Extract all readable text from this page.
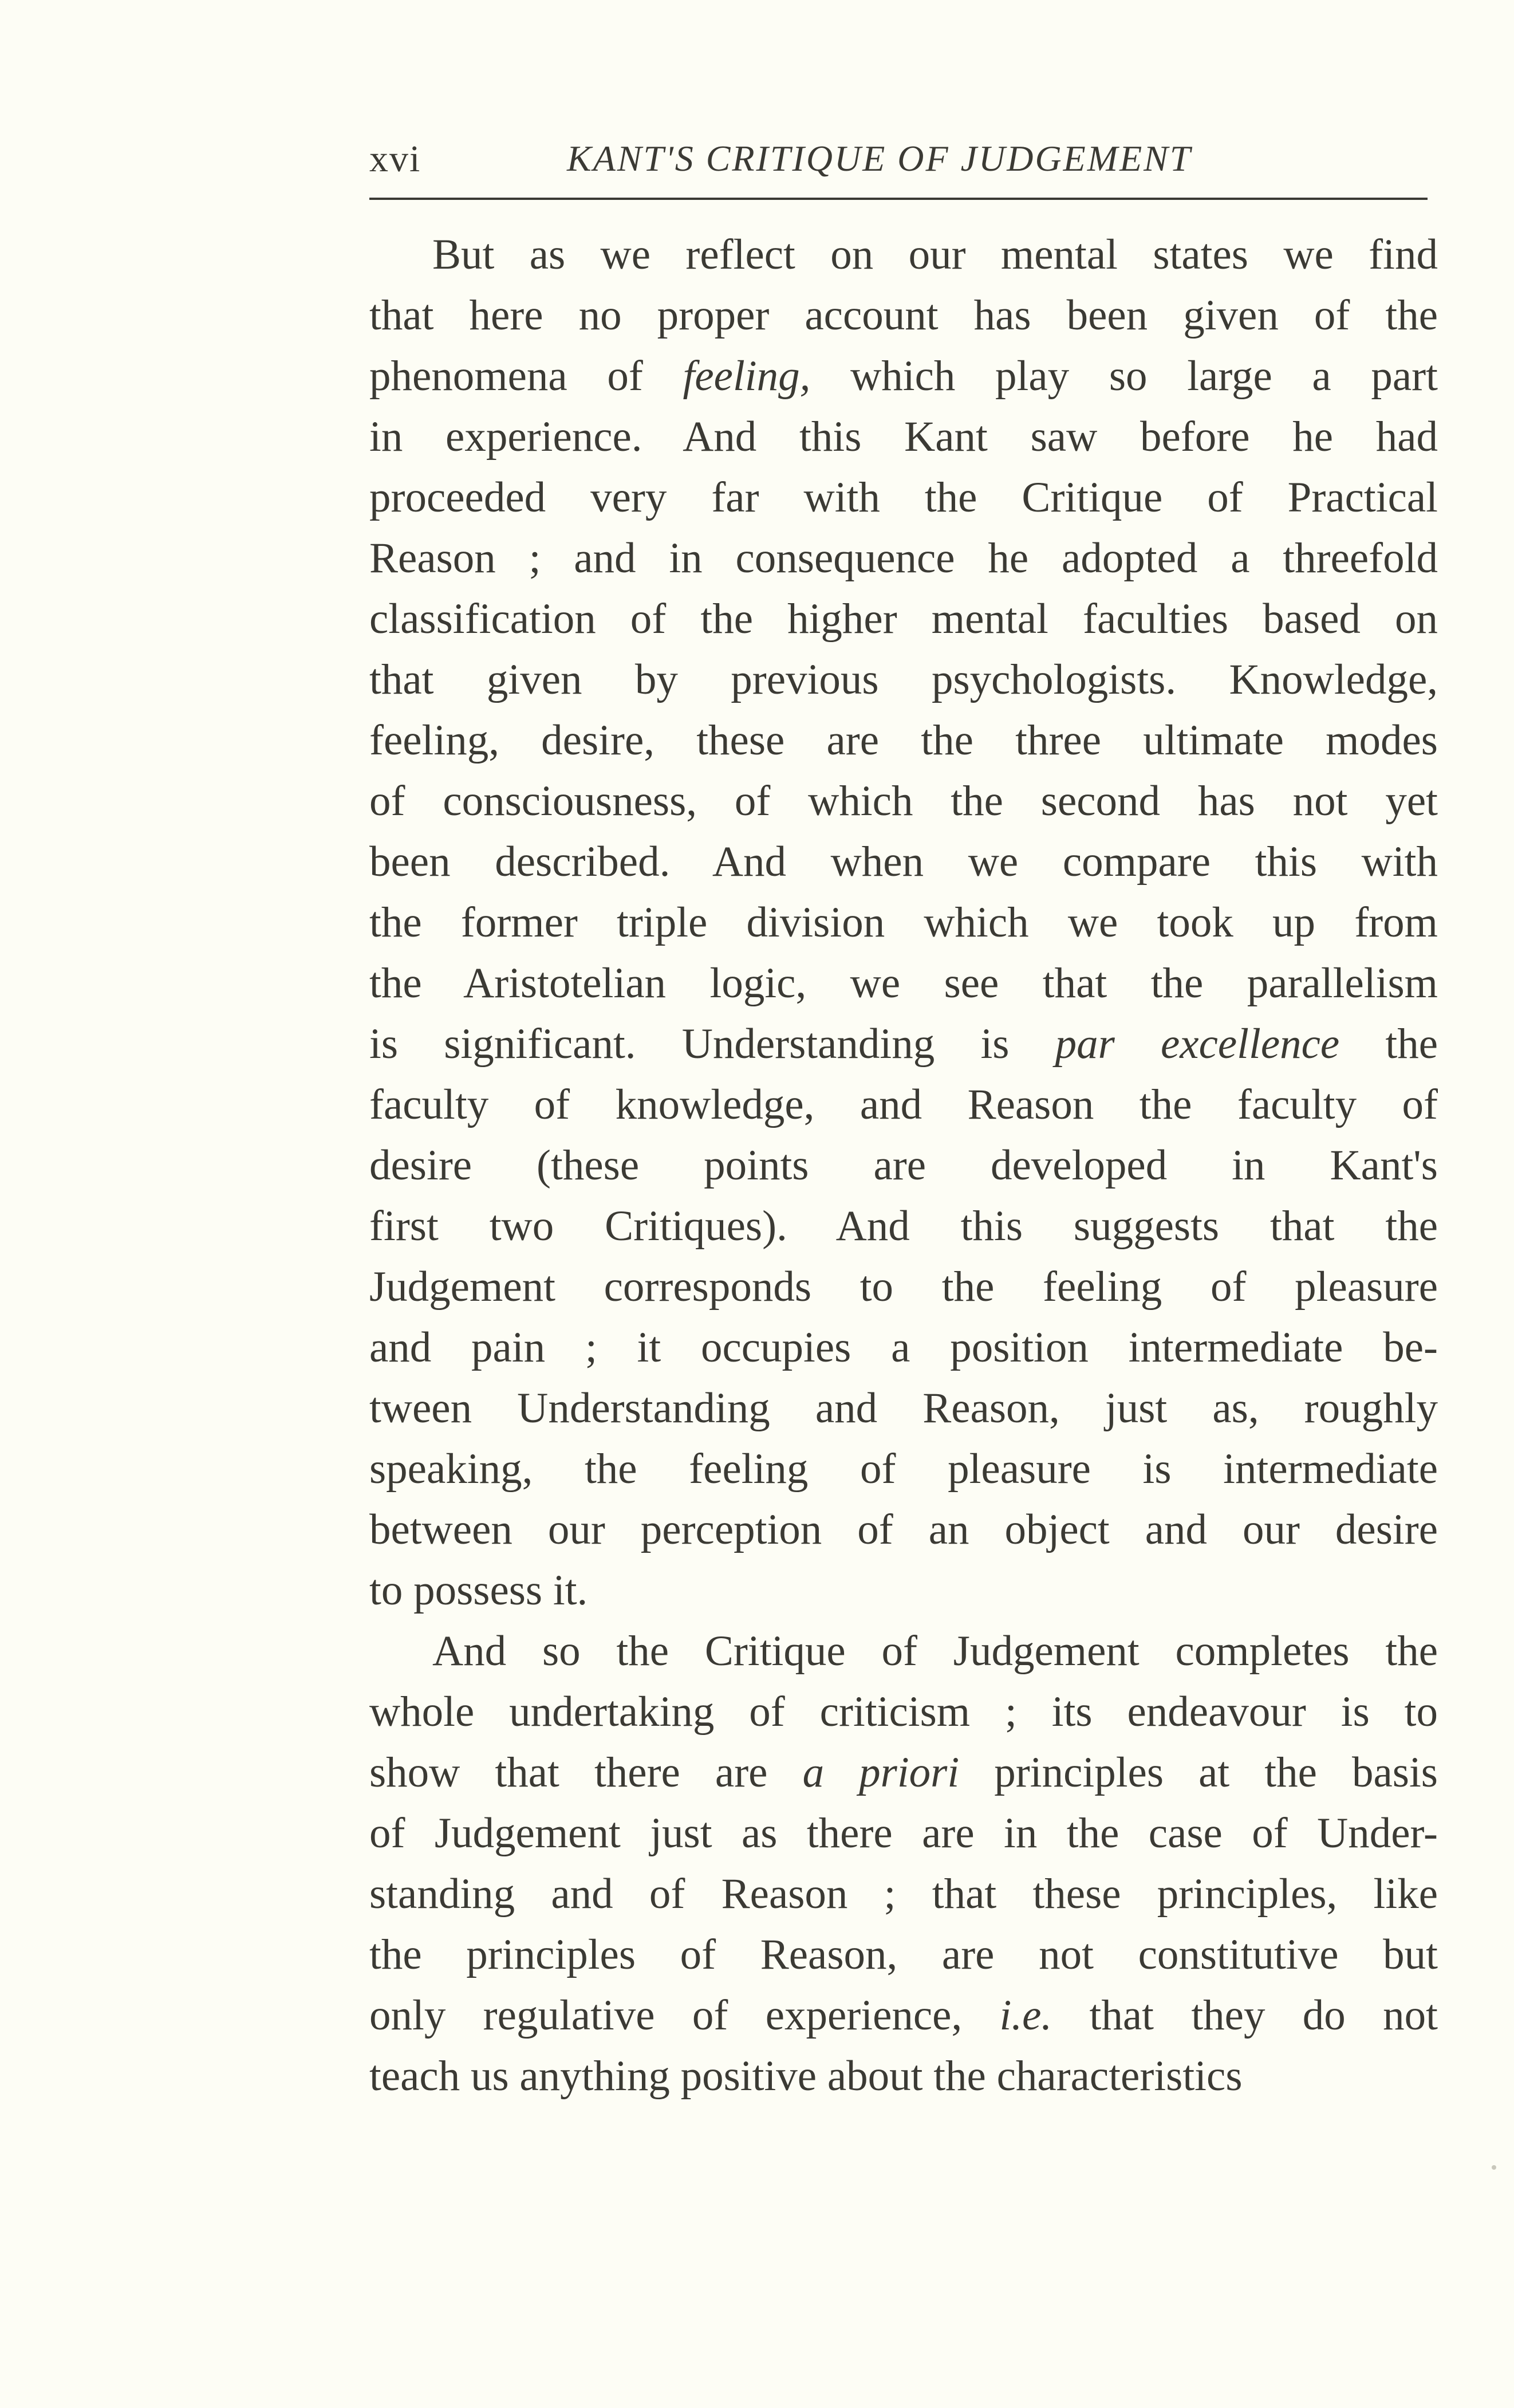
xvi	KANT'S CRITIQUE OF JUDGEMENT
But as we reflect on our mental states we find
that here no proper account has been given of the
phenomena of feeling, which play so large a part
in experience. And this Kant saw before he had
proceeded very far with the Critique of Practical
Reason ; and in consequence he adopted a threefold
classification of the higher mental faculties based on
that given by previous psychologists. Knowledge,
feeling, desire, these are the three ultimate modes
of consciousness, of which the second has not yet
been described. And when we compare this with
the former triple division which we took up from
the Aristotelian logic, we see that the parallelism
is significant. Understanding is par excellence the
faculty of knowledge, and Reason the faculty of
desire (these points are developed in Kant's
first two Critiques). And this suggests that the
Judgement corresponds to the feeling of pleasure
and pain ; it occupies a position intermediate be-
tween Understanding and Reason, just as, roughly
speaking, the feeling of pleasure is intermediate
between our perception of an object and our desire
to possess it.
And so the Critique of Judgement completes the
whole undertaking of criticism ; its endeavour is to
show that there are a priori principles at the basis
of Judgement just as there are in the case of Under-
standing and of Reason ; that these principles, like
the principles of Reason, are not constitutive but
only regulative of experience, i.e. that they do not
teach us anything positive about the characteristics
